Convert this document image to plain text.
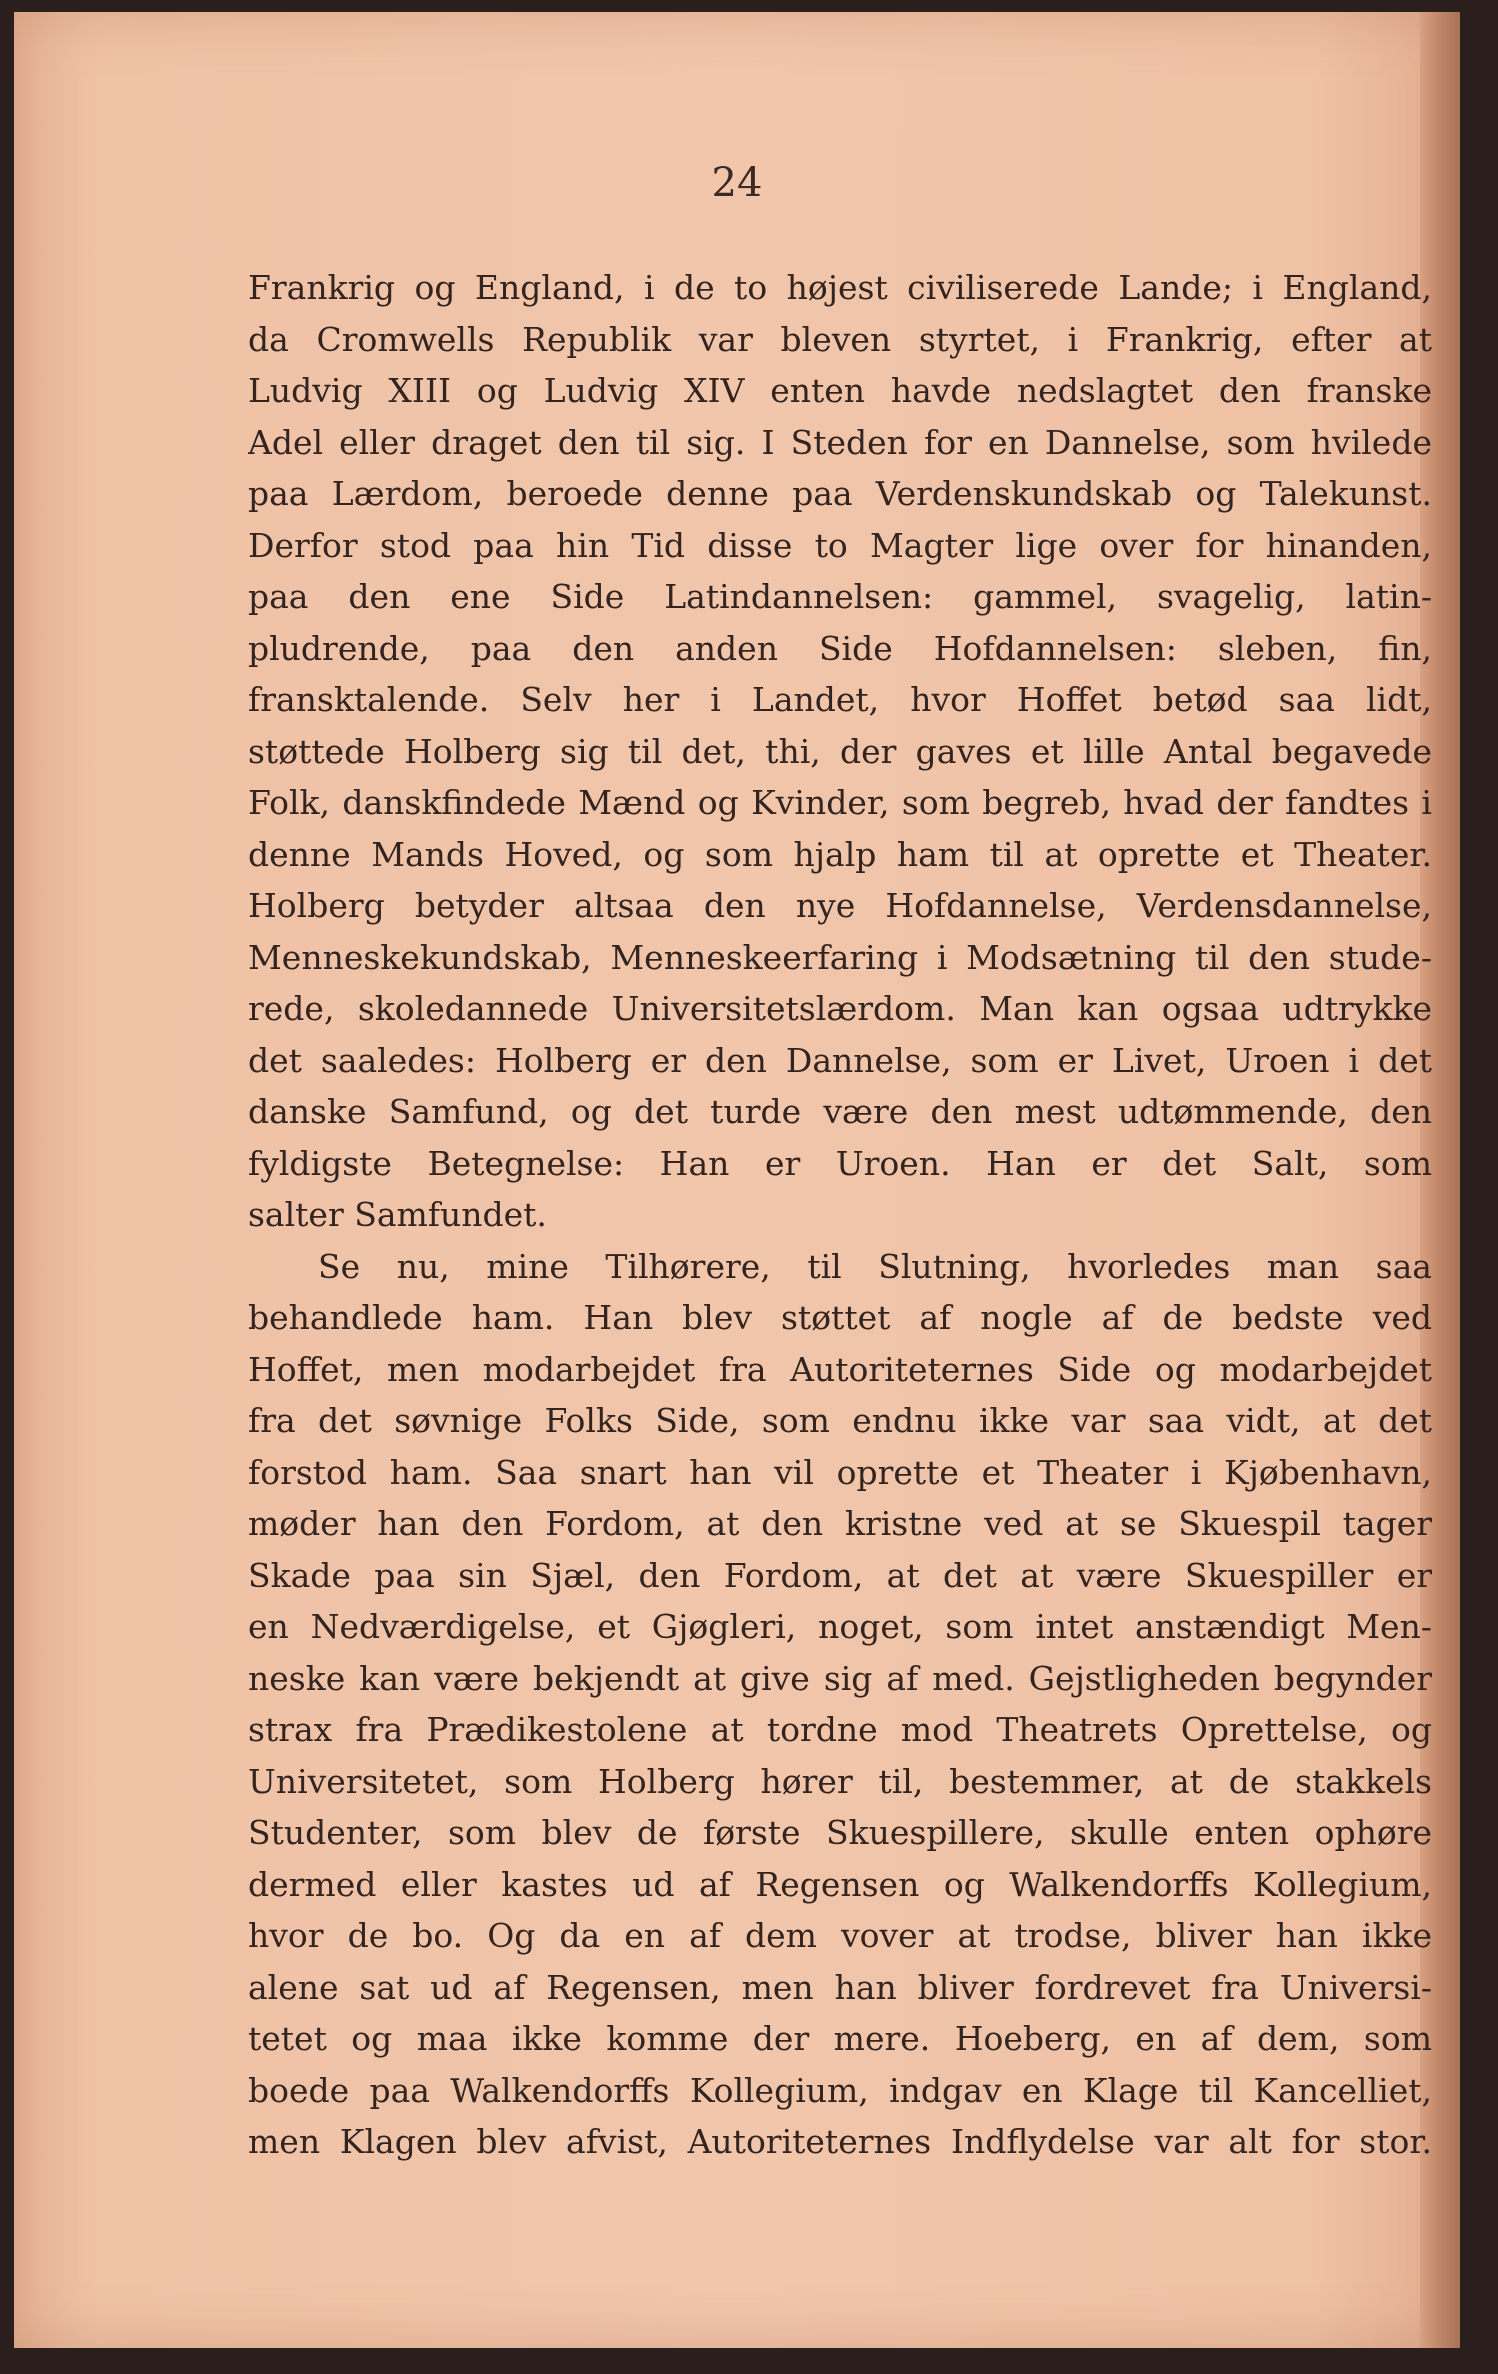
24

Frankrig og England, i de to højest civiliserede Lande; i England,
da Cromwells Republik var bleven styrtet, i Frankrig, efter at
Ludvig XIII og Ludvig XIV enten havde nedslagtet den franske
Adel eller draget den til sig. I Steden for en Dannelse, som hvilede
paa Lærdom, beroede denne paa Verdenskundskab og Talekunst.
Derfor stod paa hin Tid disse to Magter lige over for hinanden,
paa den ene Side Latindannelsen: gammel, svagelig, latin-
pludrende, paa den anden Side Hofdannelsen: sleben, fin,
fransktalende. Selv her i Landet, hvor Hoffet betød saa lidt,
støttede Holberg sig til det, thi, der gaves et lille Antal begavede
Folk, danskfindede Mænd og Kvinder, som begreb, hvad der fandtes i
denne Mands Hoved, og som hjalp ham til at oprette et Theater.
Holberg betyder altsaa den nye Hofdannelse, Verdensdannelse,
Menneskekundskab, Menneskeerfaring i Modsætning til den stude-
rede, skoledannede Universitetslærdom. Man kan ogsaa udtrykke
det saaledes: Holberg er den Dannelse, som er Livet, Uroen i det
danske Samfund, og det turde være den mest udtømmende, den
fyldigste Betegnelse: Han er Uroen. Han er det Salt, som
salter Samfundet.
Se nu, mine Tilhørere, til Slutning, hvorledes man saa
behandlede ham. Han blev støttet af nogle af de bedste ved
Hoffet, men modarbejdet fra Autoriteternes Side og modarbejdet
fra det søvnige Folks Side, som endnu ikke var saa vidt, at det
forstod ham. Saa snart han vil oprette et Theater i Kjøbenhavn,
møder han den Fordom, at den kristne ved at se Skuespil tager
Skade paa sin Sjæl, den Fordom, at det at være Skuespiller er
en Nedværdigelse, et Gjøgleri, noget, som intet anstændigt Men-
neske kan være bekjendt at give sig af med. Gejstligheden begynder
strax fra Prædikestolene at tordne mod Theatrets Oprettelse, og
Universitetet, som Holberg hører til, bestemmer, at de stakkels
Studenter, som blev de første Skuespillere, skulle enten ophøre
dermed eller kastes ud af Regensen og Walkendorffs Kollegium,
hvor de bo. Og da en af dem vover at trodse, bliver han ikke
alene sat ud af Regensen, men han bliver fordrevet fra Universi-
tetet og maa ikke komme der mere. Hoeberg, en af dem, som
boede paa Walkendorffs Kollegium, indgav en Klage til Kancelliet,
men Klagen blev afvist, Autoriteternes Indflydelse var alt for stor.
